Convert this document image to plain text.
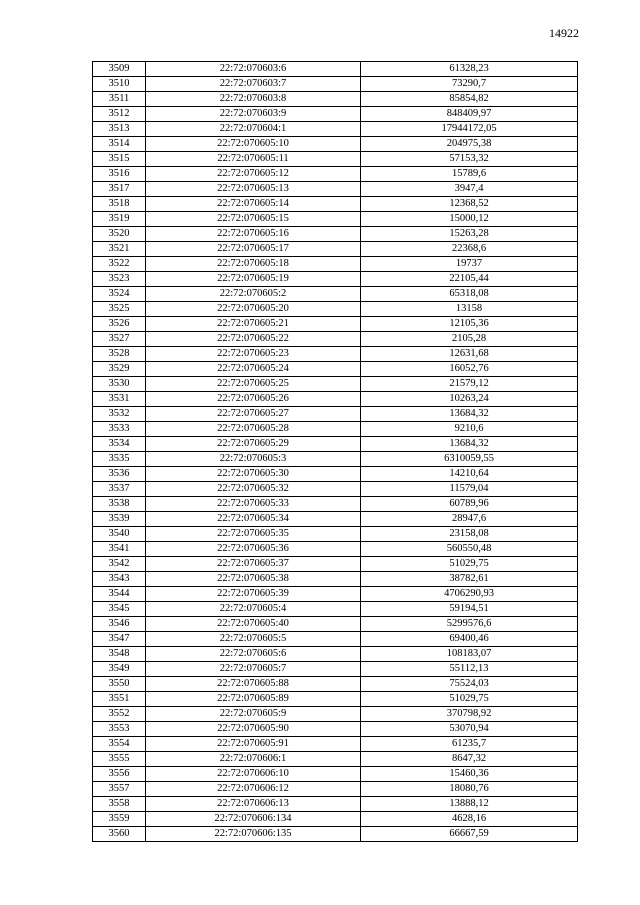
14922
3509	22:72:070603:6	61328,23
3510	22:72:070603:7	73290,7
3511	22:72:070603:8	85854,82
3512	22:72:070603:9	848409,97
3513	22:72:070604:1	17944172,05
3514	22:72:070605:10	204975,38
3515	22:72:070605:11	57153,32
3516	22:72:070605:12	15789,6
3517	22:72:070605:13	3947,4
3518	22:72:070605:14	12368,52
3519	22:72:070605:15	15000,12
3520	22:72:070605:16	15263,28
3521	22:72:070605:17	22368,6
3522	22:72:070605:18	19737
3523	22:72:070605:19	22105,44
3524	22:72:070605:2	65318,08
3525	22:72:070605:20	13158
3526	22:72:070605:21	12105,36
3527	22:72:070605:22	2105,28
3528	22:72:070605:23	12631,68
3529	22:72:070605:24	16052,76
3530	22:72:070605:25	21579,12
3531	22:72:070605:26	10263,24
3532	22:72:070605:27	13684,32
3533	22:72:070605:28	9210,6
3534	22:72:070605:29	13684,32
3535	22:72:070605:3	6310059,55
3536	22:72:070605:30	14210,64
3537	22:72:070605:32	11579,04
3538	22:72:070605:33	60789,96
3539	22:72:070605:34	28947,6
3540	22:72:070605:35	23158,08
3541	22:72:070605:36	560550,48
3542	22:72:070605:37	51029,75
3543	22:72:070605:38	38782,61
3544	22:72:070605:39	4706290,93
3545	22:72:070605:4	59194,51
3546	22:72:070605:40	5299576,6
3547	22:72:070605:5	69400,46
3548	22:72:070605:6	108183,07
3549	22:72:070605:7	55112,13
3550	22:72:070605:88	75524,03
3551	22:72:070605:89	51029,75
3552	22:72:070605:9	370798,92
3553	22:72:070605:90	53070,94
3554	22:72:070605:91	61235,7
3555	22:72:070606:1	8647,32
3556	22:72:070606:10	15460,36
3557	22:72:070606:12	18080,76
3558	22:72:070606:13	13888,12
3559	22:72:070606:134	4628,16
3560	22:72:070606:135	66667,59
